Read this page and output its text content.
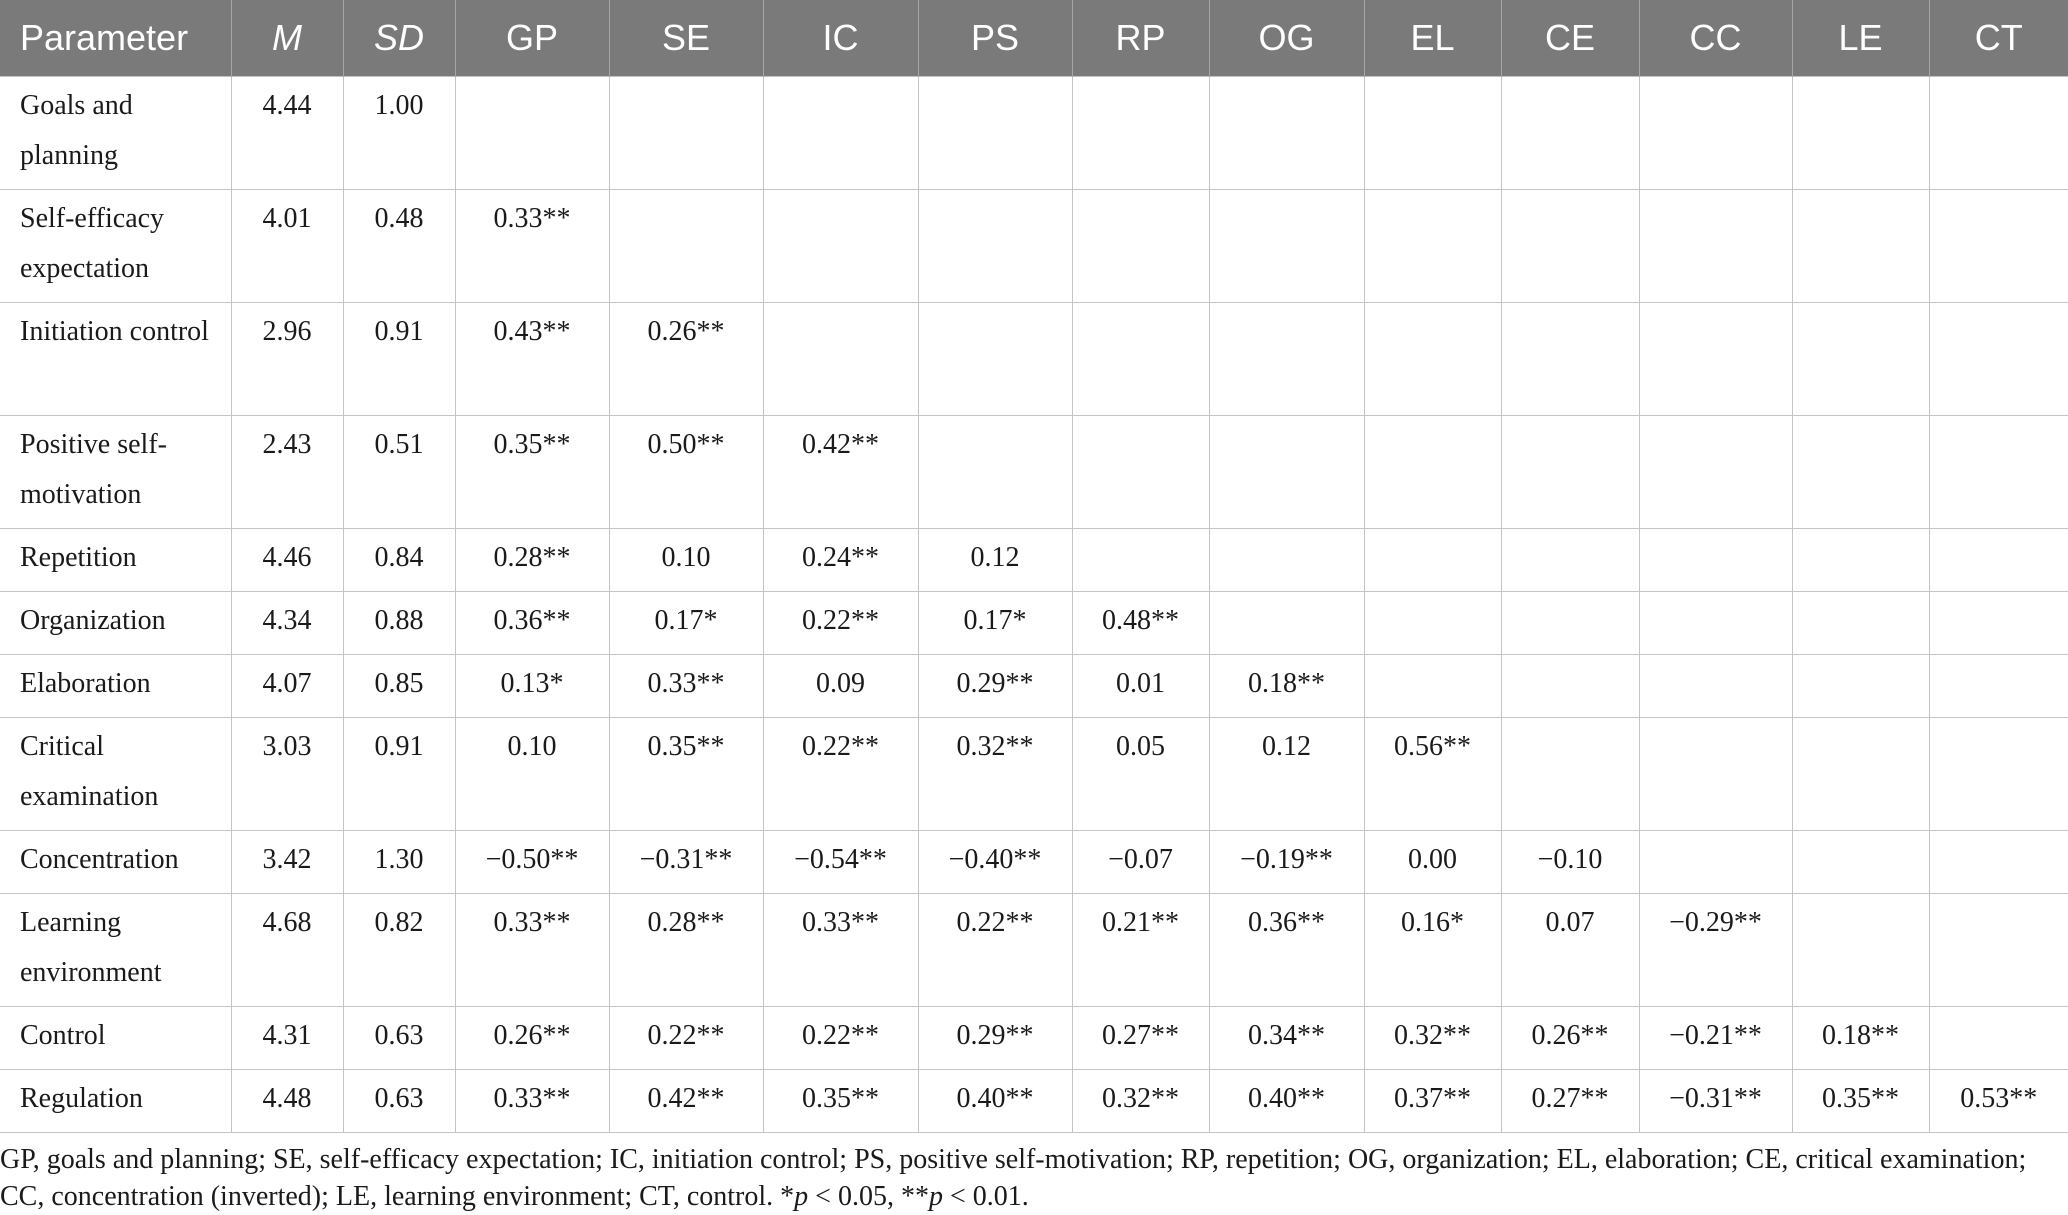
Parameter	M	SD	GP	SE	IC	PS	RP	OG	EL	CE	CC	LE	CT
Goals and planning	4.44	1.00											
Self-efficacy expectation	4.01	0.48	0.33**										
Initiation control	2.96	0.91	0.43**	0.26**									
Positive self-motivation	2.43	0.51	0.35**	0.50**	0.42**								
Repetition	4.46	0.84	0.28**	0.10	0.24**	0.12							
Organization	4.34	0.88	0.36**	0.17*	0.22**	0.17*	0.48**						
Elaboration	4.07	0.85	0.13*	0.33**	0.09	0.29**	0.01	0.18**					
Critical examination	3.03	0.91	0.10	0.35**	0.22**	0.32**	0.05	0.12	0.56**				
Concentration	3.42	1.30	−0.50**	−0.31**	−0.54**	−0.40**	−0.07	−0.19**	0.00	−0.10			
Learning environment	4.68	0.82	0.33**	0.28**	0.33**	0.22**	0.21**	0.36**	0.16*	0.07	−0.29**		
Control	4.31	0.63	0.26**	0.22**	0.22**	0.29**	0.27**	0.34**	0.32**	0.26**	−0.21**	0.18**	
Regulation	4.48	0.63	0.33**	0.42**	0.35**	0.40**	0.32**	0.40**	0.37**	0.27**	−0.31**	0.35**	0.53**

GP, goals and planning; SE, self-efficacy expectation; IC, initiation control; PS, positive self-motivation; RP, repetition; OG, organization; EL, elaboration; CE, critical examination; CC, concentration (inverted); LE, learning environment; CT, control. *p < 0.05, **p < 0.01.
